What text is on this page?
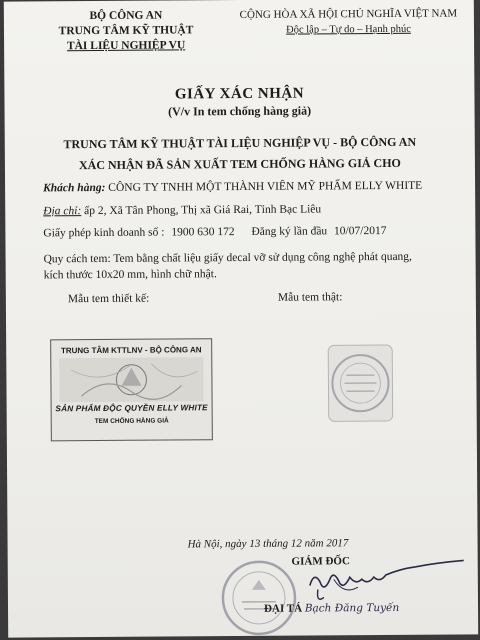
BỘ CÔNG AN
TRUNG TÂM KỸ THUẬT
TÀI LIỆU NGHIỆP VỤ
CỘNG HÒA XÃ HỘI CHỦ NGHĨA VIỆT NAM
Độc lập – Tự do – Hạnh phúc
GIẤY XÁC NHẬN
(V/v In tem chống hàng giả)
TRUNG TÂM KỸ THUẬT TÀI LIỆU NGHIỆP VỤ - BỘ CÔNG AN
XÁC NHẬN ĐÃ SẢN XUẤT TEM CHỐNG HÀNG GIẢ CHO
Khách hàng: CÔNG TY TNHH MỘT THÀNH VIÊN MỸ PHẨM ELLY WHITE
Địa chỉ: ấp 2, Xã Tân Phong, Thị xã Giá Rai, Tỉnh Bạc Liêu
Giấy phép kinh doanh số : 1900 630 172 Đăng ký lần đầu 10/07/2017
Quy cách tem: Tem bằng chất liệu giấy decal vỡ sử dụng công nghệ phát quang,
kích thước 10x20 mm, hình chữ nhật.
Mẫu tem thiết kế:	Mẫu tem thật:
TRUNG TÂM KTTLNV - BỘ CÔNG AN
SẢN PHẨM ĐỘC QUYỀN ELLY WHITE
TEM CHỐNG HÀNG GIẢ
Hà Nội, ngày 13 tháng 12 năm 2017
GIÁM ĐỐC
ĐẠI TÁ Bạch Đăng Tuyến
